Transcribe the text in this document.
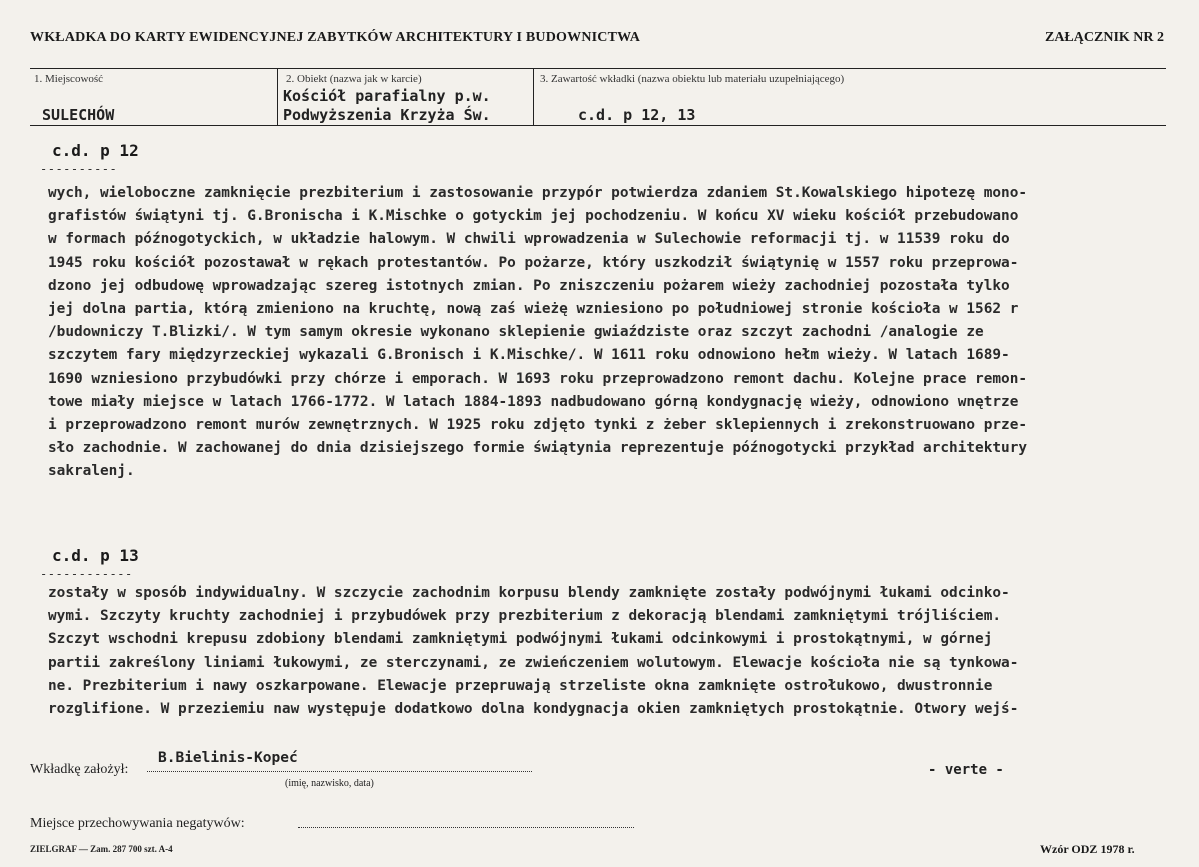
WKŁADKA DO KARTY EWIDENCYJNEJ ZABYTKÓW ARCHITEKTURY I BUDOWNICTWA	ZAŁĄCZNIK NR 2
1. Miejscowość
SULECHÓW
2. Obiekt (nazwa jak w karcie)
Kościół parafialny p.w.
Podwyższenia Krzyża Św.
3. Zawartość wkładki (nazwa obiektu lub materiału uzupełniającego)
c.d. p 12, 13
c.d. p 12
----------
wych, wieloboczne zamknięcie prezbiterium i zastosowanie przypór potwierdza zdaniem St.Kowalskiego hipotezę mono-
grafistów świątyni tj. G.Bronischa i K.Mischke o gotyckim jej pochodzeniu. W końcu XV wieku kościół przebudowano
w formach późnogotyckich, w układzie halowym. W chwili wprowadzenia w Sulechowie reformacji tj. w 11539 roku do
1945 roku kościół pozostawał w rękach protestantów. Po pożarze, który uszkodził świątynię w 1557 roku przeprowa-
dzono jej odbudowę wprowadzając szereg istotnych zmian. Po zniszczeniu pożarem wieży zachodniej pozostała tylko
jej dolna partia, którą zmieniono na kruchtę, nową zaś wieżę wzniesiono po południowej stronie kościoła w 1562 r
/budowniczy T.Blizki/. W tym samym okresie wykonano sklepienie gwiaździste oraz szczyt zachodni /analogie ze
szczytem fary międzyrzeckiej wykazali G.Bronisch i K.Mischke/. W 1611 roku odnowiono hełm wieży. W latach 1689-
1690 wzniesiono przybudówki przy chórze i emporach. W 1693 roku przeprowadzono remont dachu. Kolejne prace remon-
towe miały miejsce w latach 1766-1772. W latach 1884-1893 nadbudowano górną kondygnację wieży, odnowiono wnętrze
i przeprowadzono remont murów zewnętrznych. W 1925 roku zdjęto tynki z żeber sklepiennych i zrekonstruowano prze-
sło zachodnie. W zachowanej do dnia dzisiejszego formie świątynia reprezentuje późnogotycki przykład architektury
sakralenj.
c.d. p 13
------------
zostały w sposób indywidualny. W szczycie zachodnim korpusu blendy zamknięte zostały podwójnymi łukami odcinko-
wymi. Szczyty kruchty zachodniej i przybudówek przy prezbiterium z dekoracją blendami zamkniętymi trójliściem.
Szczyt wschodni krepusu zdobiony blendami zamkniętymi podwójnymi łukami odcinkowymi i prostokątnymi, w górnej
partii zakreślony liniami łukowymi, ze sterczynami, ze zwieńczeniem wolutowym. Elewacje kościoła nie są tynkowa-
ne. Prezbiterium i nawy oszkarpowane. Elewacje przepruwają strzeliste okna zamknięte ostrołukowo, dwustronnie
rozglifione. W przeziemiu naw występuje dodatkowo dolna kondygnacja okien zamkniętych prostokątnie. Otwory wejś-
Wkładkę założył:
B.Bielinis-Kopeć
(imię, nazwisko, data)
- verte -
Miejsce przechowywania negatywów:
ZIELGRAF — Zam. 287 700 szt. A-4	Wzór ODZ 1978 r.
